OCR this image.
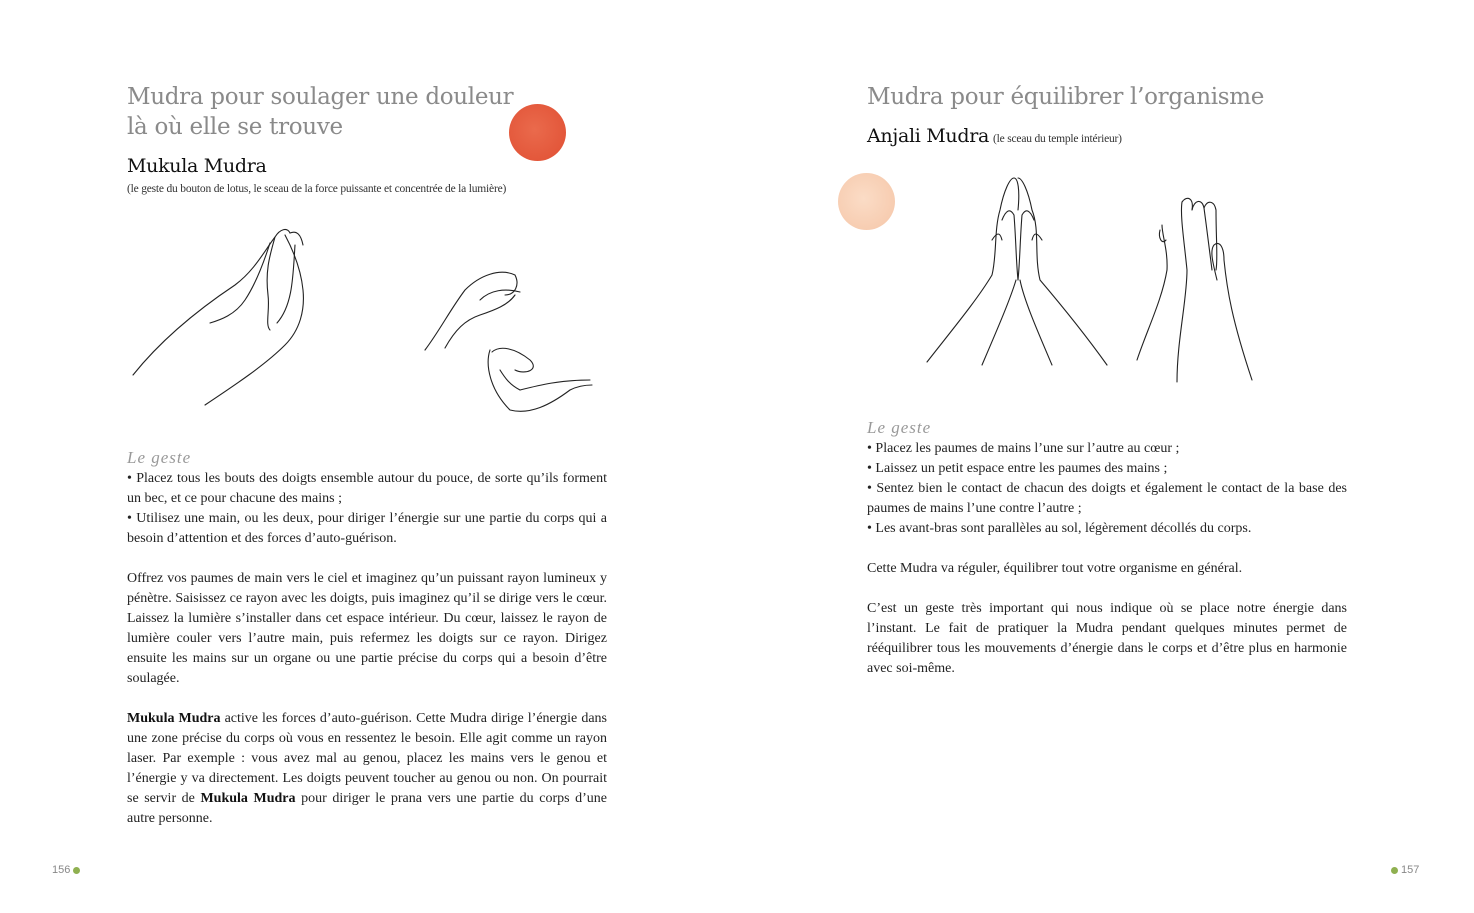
Mudra pour soulager une douleur
là où elle se trouve
Mukula Mudra
(le geste du bouton de lotus, le sceau de la force puissante et concentrée de la lumière)
Le geste

• Placez tous les bouts des doigts ensemble autour du pouce, de sorte qu’ils forment un bec, et ce pour chacune des mains ;

• Utilisez une main, ou les deux, pour diriger l’énergie sur une partie du corps qui a besoin d’attention et des forces d’auto-guérison.

Offrez vos paumes de main vers le ciel et imaginez qu’un puissant rayon lumineux y pénètre. Saisissez ce rayon avec les doigts, puis imaginez qu’il se dirige vers le cœur. Laissez la lumière s’installer dans cet espace intérieur. Du cœur, laissez le rayon de lumière couler vers l’autre main, puis refermez les doigts sur ce rayon. Dirigez ensuite les mains sur un organe ou une partie précise du corps qui a besoin d’être soulagée.

Mukula Mudra active les forces d’auto-guérison. Cette Mudra dirige l’énergie dans une zone précise du corps où vous en ressentez le besoin. Elle agit comme un rayon laser. Par exemple : vous avez mal au genou, placez les mains vers le genou et l’énergie y va directement. Les doigts peuvent toucher au genou ou non. On pourrait se servir de Mukula Mudra pour diriger le prana vers une partie du corps d’une autre personne.

156
Mudra pour équilibrer l’organisme
Anjali Mudra (le sceau du temple intérieur)
Le geste

• Placez les paumes de mains l’une sur l’autre au cœur ;

• Laissez un petit espace entre les paumes des mains ;

• Sentez bien le contact de chacun des doigts et également le contact de la base des paumes de mains l’une contre l’autre ;

• Les avant-bras sont parallèles au sol, légèrement décollés du corps.

Cette Mudra va réguler, équilibrer tout votre organisme en général.

C’est un geste très important qui nous indique où se place notre énergie dans l’instant. Le fait de pratiquer la Mudra pendant quelques minutes permet de rééquilibrer tous les mouvements d’énergie dans le corps et d’être plus en harmonie avec soi-même.

157
